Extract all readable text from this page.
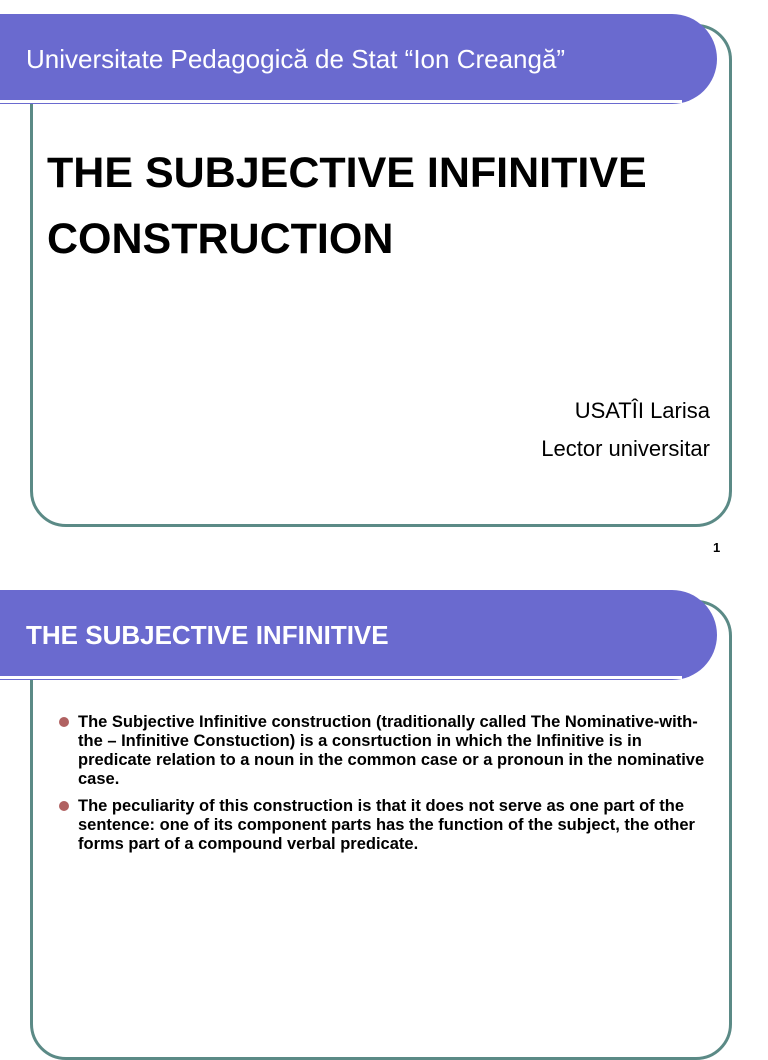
Universitate Pedagogică de Stat “Ion Creangă”
THE SUBJECTIVE INFINITIVE
CONSTRUCTION
USATÎI Larisa
Lector universitar
1
THE SUBJECTIVE INFINITIVE
The Subjective Infinitive construction (traditionally called The Nominative-with-the – Infinitive Constuction) is a consrtuction in which the Infinitive is in predicate relation to a noun in the common case or a pronoun in the nominative case.
The peculiarity of this construction is that it does not serve as one part of the sentence: one of its component parts has the function of the subject, the other forms part of a compound verbal predicate.
